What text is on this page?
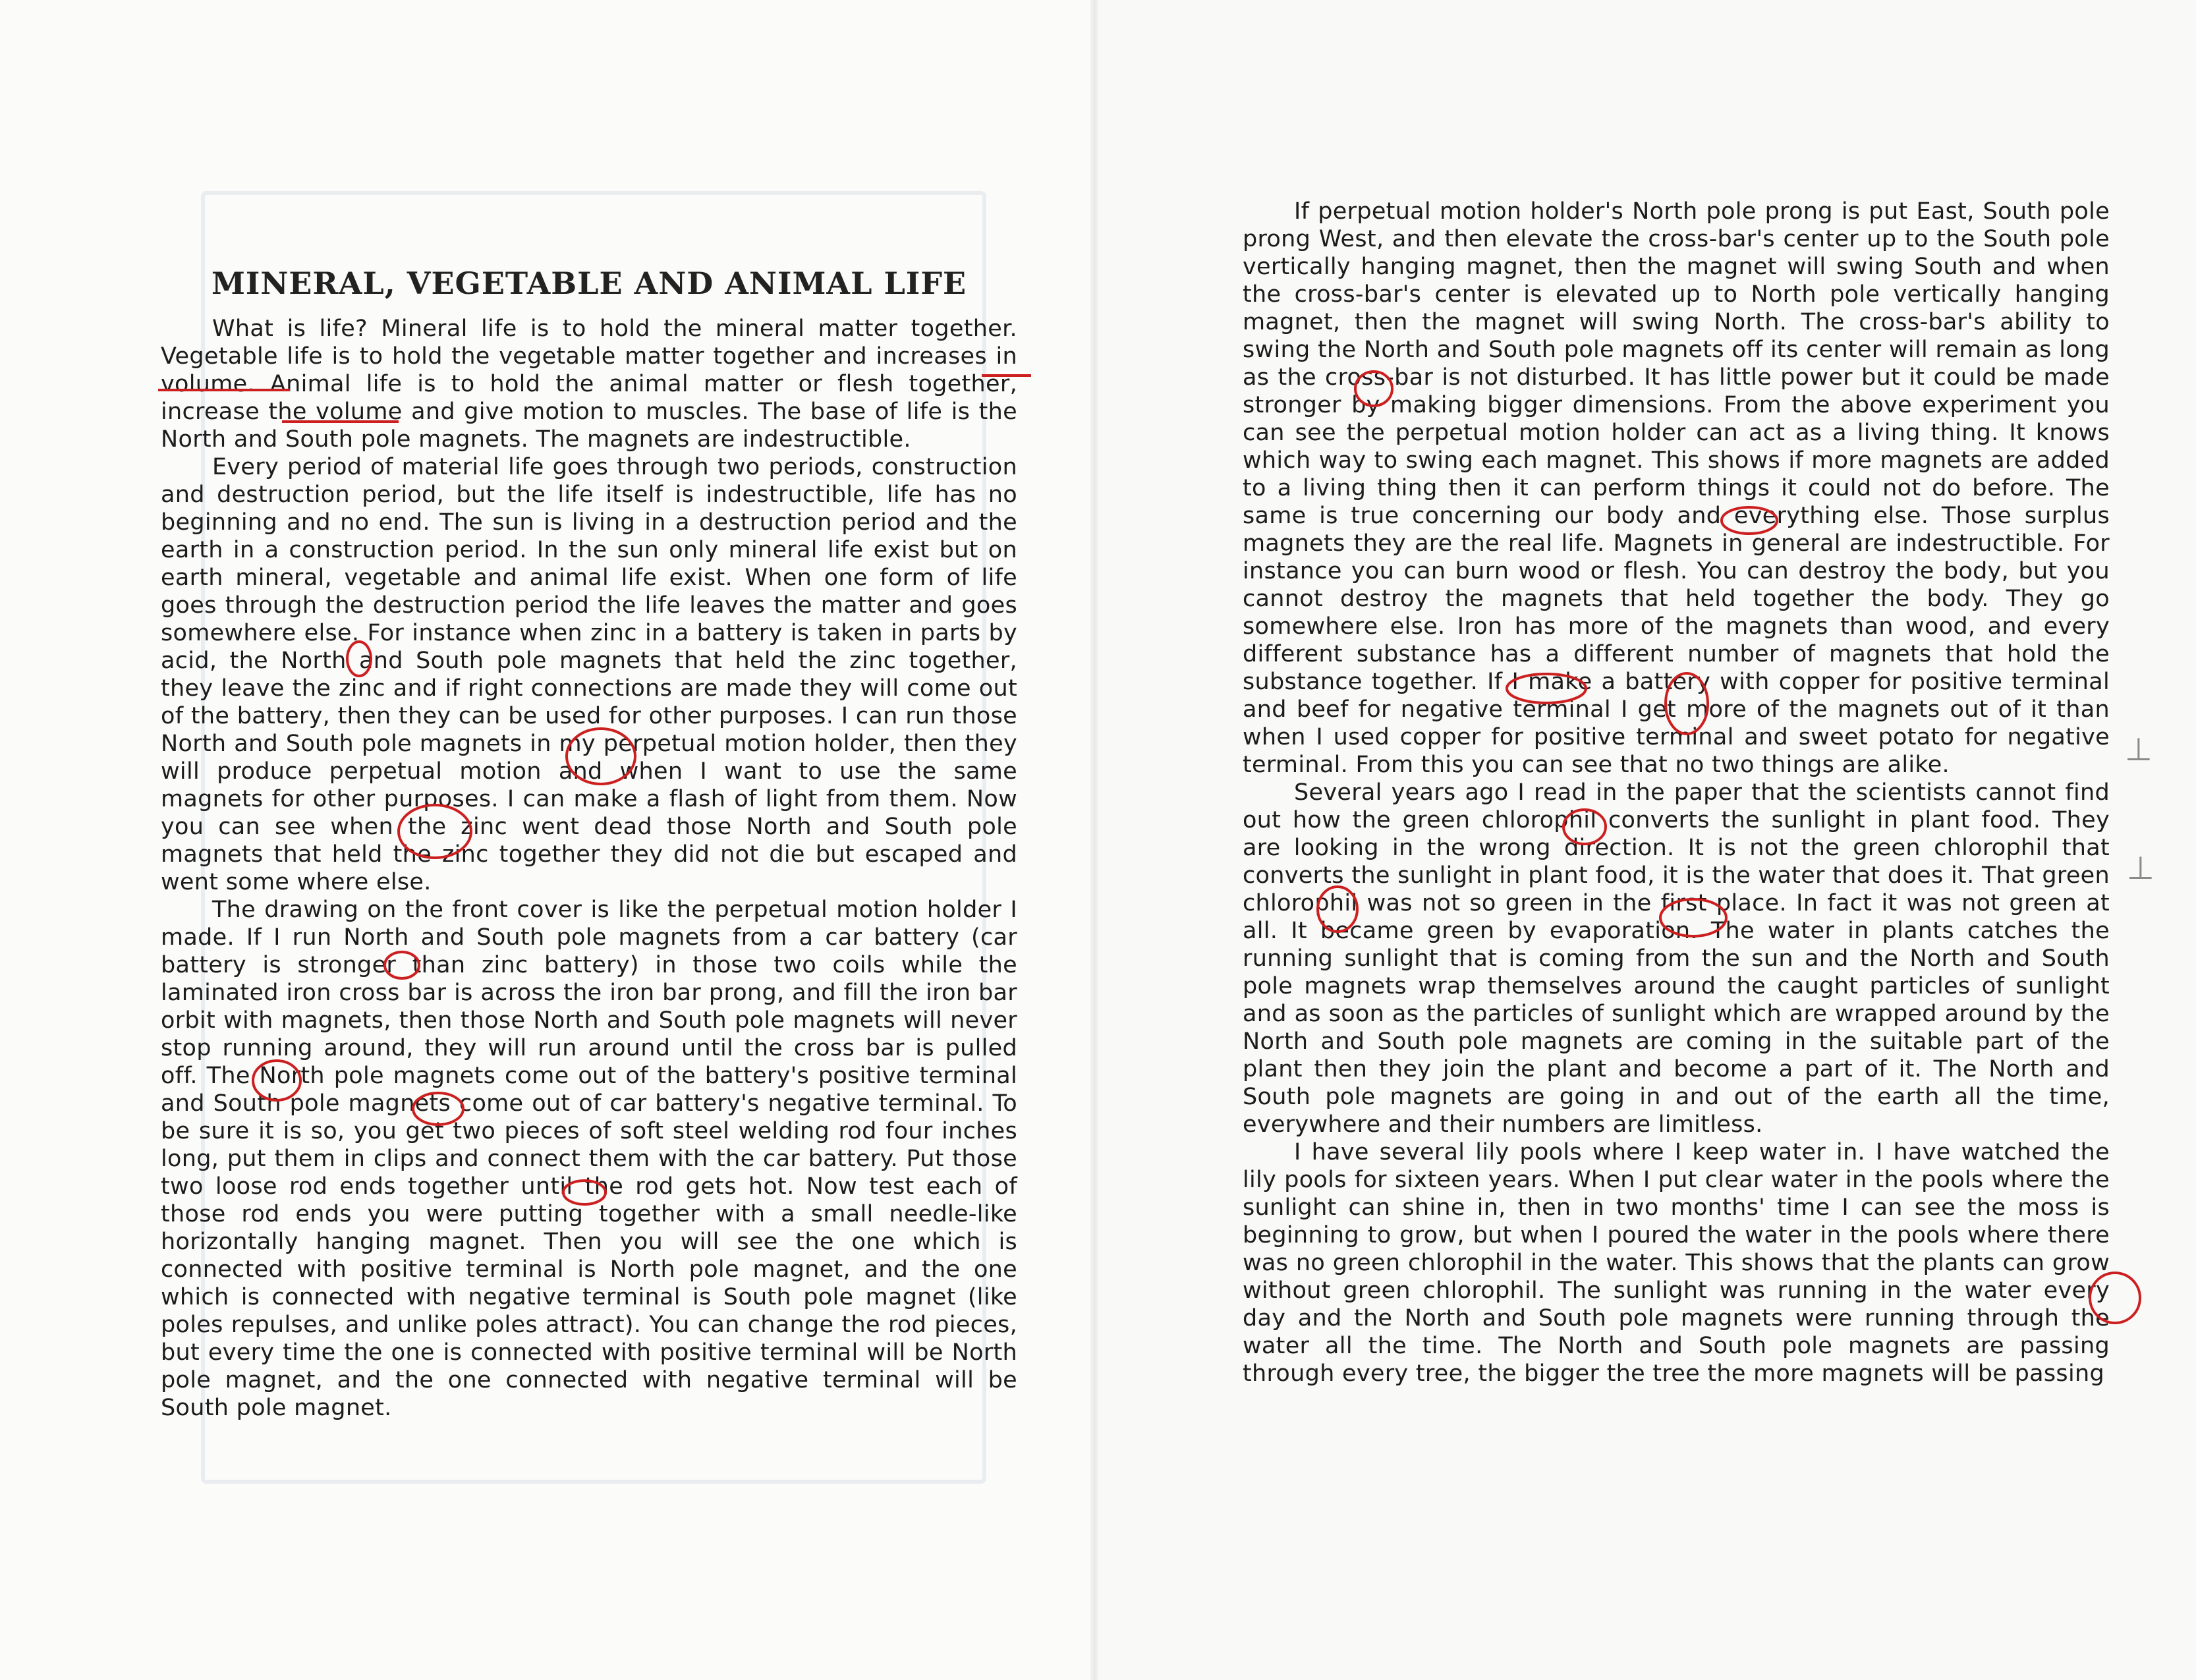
MINERAL, VEGETABLE AND ANIMAL LIFE

What is life? Mineral life is to hold the mineral matter together. Vegetable life is to hold the vegetable matter together and increases in volume. Animal life is to hold the animal matter or flesh together, increase the volume and give motion to muscles. The base of life is the North and South pole magnets. The magnets are indestructible.

Every period of material life goes through two periods, construction and destruction period, but the life itself is indestructible, life has no beginning and no end. The sun is living in a destruction period and the earth in a construction period. In the sun only mineral life exist but on earth mineral, vegetable and animal life exist. When one form of life goes through the destruction period the life leaves the matter and goes somewhere else. For instance when zinc in a battery is taken in parts by acid, the North and South pole magnets that held the zinc together, they leave the zinc and if right connections are made they will come out of the battery, then they can be used for other purposes. I can run those North and South pole magnets in my perpetual motion holder, then they will produce perpetual motion and when I want to use the same magnets for other purposes. I can make a flash of light from them. Now you can see when the zinc went dead those North and South pole magnets that held the zinc together they did not die but escaped and went some where else.

The drawing on the front cover is like the perpetual motion holder I made. If I run North and South pole magnets from a car battery (car battery is stronger than zinc battery) in those two coils while the laminated iron cross bar is across the iron bar prong, and fill the iron bar orbit with magnets, then those North and South pole magnets will never stop running around, they will run around until the cross bar is pulled off. The North pole magnets come out of the battery's positive terminal and South pole magnets come out of car battery's negative terminal. To be sure it is so, you get two pieces of soft steel welding rod four inches long, put them in clips and connect them with the car battery. Put those two loose rod ends together until the rod gets hot. Now test each of those rod ends you were putting together with a small needle-like horizontally hanging magnet. Then you will see the one which is connected with positive terminal is North pole magnet, and the one which is connected with negative terminal is South pole magnet (like poles repulses, and unlike poles attract). You can change the rod pieces, but every time the one is connected with positive terminal will be North pole magnet, and the one connected with negative terminal will be South pole magnet.

If perpetual motion holder's North pole prong is put East, South pole prong West, and then elevate the cross-bar's center up to the South pole vertically hanging magnet, then the magnet will swing South and when the cross-bar's center is elevated up to North pole vertically hanging magnet, then the magnet will swing North. The cross-bar's ability to swing the North and South pole magnets off its center will remain as long as the cross-bar is not disturbed. It has little power but it could be made stronger by making bigger dimensions. From the above experiment you can see the perpetual motion holder can act as a living thing. It knows which way to swing each magnet. This shows if more magnets are added to a living thing then it can perform things it could not do before. The same is true concerning our body and everything else. Those surplus magnets they are the real life. Magnets in general are indestructible. For instance you can burn wood or flesh. You can destroy the body, but you cannot destroy the magnets that held together the body. They go somewhere else. Iron has more of the magnets than wood, and every different substance has a different number of magnets that hold the substance together. If I make a battery with copper for positive terminal and beef for negative terminal I get more of the magnets out of it than when I used copper for positive terminal and sweet potato for negative terminal. From this you can see that no two things are alike.

Several years ago I read in the paper that the scientists cannot find out how the green chlorophil converts the sunlight in plant food. They are looking in the wrong direction. It is not the green chlorophil that converts the sunlight in plant food, it is the water that does it. That green chlorophil was not so green in the first place. In fact it was not green at all. It became green by evaporation. The water in plants catches the running sunlight that is coming from the sun and the North and South pole magnets wrap themselves around the caught particles of sunlight and as soon as the particles of sunlight which are wrapped around by the North and South pole magnets are coming in the suitable part of the plant then they join the plant and become a part of it. The North and South pole magnets are going in and out of the earth all the time, everywhere and their numbers are limitless.

I have several lily pools where I keep water in. I have watched the lily pools for sixteen years. When I put clear water in the pools where the sunlight can shine in, then in two months' time I can see the moss is beginning to grow, but when I poured the water in the pools where there was no green chlorophil in the water. This shows that the plants can grow without green chlorophil. The sunlight was running in the water every day and the North and South pole magnets were running through the water all the time. The North and South pole magnets are passing through every tree, the bigger the tree the more magnets will be passing

⊥
⊥
